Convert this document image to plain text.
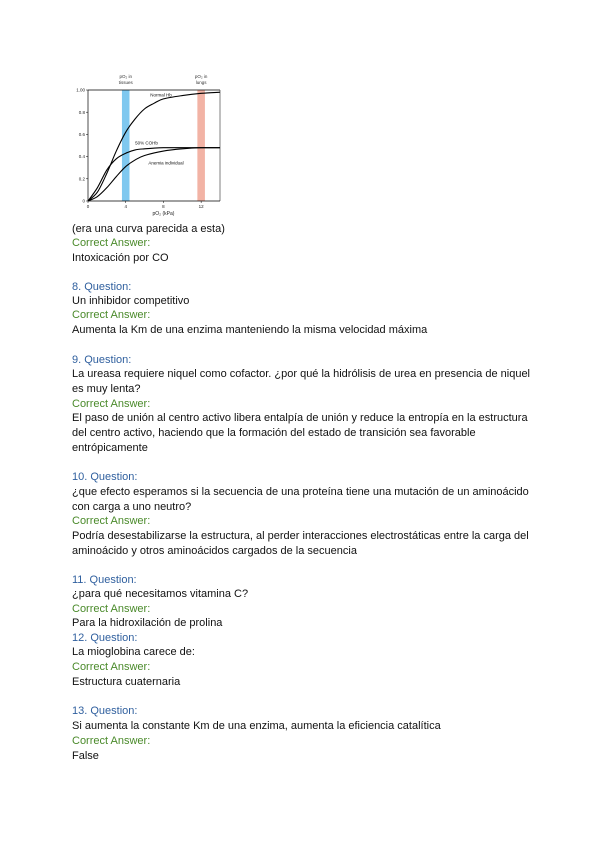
0
0.2
0.4
0.6
0.8
1.00
0	4	8	12
pO₂ (kPa)
pO₂ in
tissues
pO₂ in
lungs
Normal Hb
50% COHb
Anemia individual
(era una curva parecida a esta)
Correct Answer:
Intoxicación por CO
8. Question:
Un inhibidor competitivo
Correct Answer:
Aumenta la Km de una enzima manteniendo la misma velocidad máxima
9. Question:
La ureasa requiere niquel como cofactor. ¿por qué la hidrólisis de urea en presencia de niquel es muy lenta?
Correct Answer:
El paso de unión al centro activo libera entalpía de unión y reduce la entropía en la estructura del centro activo, haciendo que la formación del estado de transición sea favorable entrópicamente
10. Question:
¿que efecto esperamos si la secuencia de una proteína tiene una mutación de un aminoácido con carga a uno neutro?
Correct Answer:
Podría desestabilizarse la estructura, al perder interacciones electrostáticas entre la carga del aminoácido y otros aminoácidos cargados de la secuencia
11. Question:
¿para qué necesitamos vitamina C?
Correct Answer:
Para la hidroxilación de prolina
12. Question:
La mioglobina carece de:
Correct Answer:
Estructura cuaternaria
13. Question:
Si aumenta la constante Km de una enzima, aumenta la eficiencia catalítica
Correct Answer:
False
